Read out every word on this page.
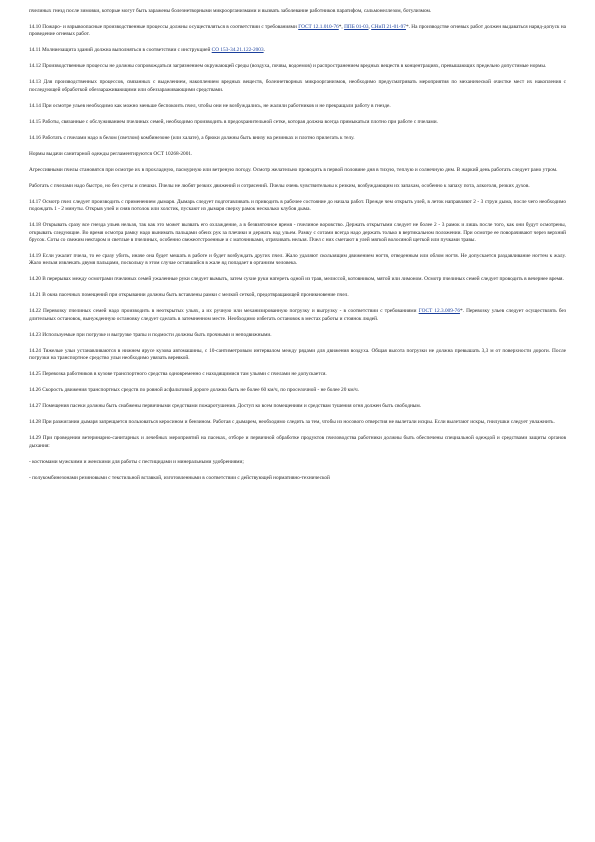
пчелиных гнезд после зимовки, которые могут быть заражены болезнетворными микроорганизмами и вызвать заболевание работников паратифом, сальмонеллезом, ботулизмом.

14.10 Пожаро- и взрывоопасные производственные процессы должны осуществляться в соответствии с требованиями ГОСТ 12.1.010-76*, ППБ 01-03, СНиП 21-01-97*. На производстве огневых работ должен выдаваться наряд-допуск на проведение огневых работ.

14.11 Молниезащита зданий должна выполняться в соответствии с инструкцией СО 153-34.21.122-2003.

14.12 Производственные процессы не должны сопровождаться загрязнением окружающей среды (воздуха, почвы, водоемов) и распространением вредных веществ в концентрациях, превышающих предельно допустимые нормы.

14.13 Для производственных процессов, связанных с выделением, накоплением вредных веществ, болезнетворных микроорганизмов, необходимо предусматривать мероприятия по механической очистке мест их накопления с последующей обработкой обеззараживающими или обеззараживающими средствами.

14.14 При осмотре ульев необходимо как можно меньше беспокоить пчел, чтобы они не возбуждались, не жалили работников и не прекращали работу в гнезде.

14.15 Работы, связанные с обслуживанием пчелиных семей, необходимо производить в предохранительной сетке, которая должна всегда примыкаться плотно при работе с пчелами.

14.16 Работать с пчелами надо в белом (светлом) комбинезоне (или халате), а брюки должны быть внизу на резинках и плотно прилегать к телу.

Нормы выдачи санитарной одежды регламентируются ОСТ 10268-2001.

Агрессивными пчелы становятся при осмотре их в прохладную, пасмурную или ветреную погоду. Осмотр желательно проводить в первой половине дня в тихую, теплую и солнечную днм. В жаркий день работать следует рано утром.

Работать с пчелами надо быстро, но без суеты и спешки. Пчелы не любят резких движений и сотрясений. Пчелы очень чувствительны к резким, возбуждающим их запахам, особенно к запаху пота, алкоголя, резких духов.

14.17 Осмотр пчел следует производить с применением дымаря. Дымарь следует подготавливать и приводить в рабочее состояние до начала работ. Прежде чем открыть улей, в леток направляют 2 - 3 струи дыма, после чего необходимо подождать 1 - 2 минуты. Открыв улей и сняв потолок или холстик, пускают из дымаря сверху рамок несколько клубов дыма.

14.18 Открывать сразу все гнезда ульев нельзя, так как это может вызвать его охлаждение, а в безвзяточное время - пчелиное воровство. Держать открытыми следует не более 2 - 3 рамок и лишь после того, как они будут осмотрены, открывать следующие. Во время осмотра рамку надо вынимать пальцами обеих рук за плечики и держать над ульем. Рамку с сотами всегда надо держать только в вертикальном положении. При осмотре ее поворачивают через верхний брусок. Соты со свежим нектаром и светлые в пчелиных, особенно свежеотстроенные и с маточниками, отряхивать нельзя. Пчел с них сметают в улей мягкой волосяной щеткой или пучками травы.

14.19 Если ужалит пчела, то ее сразу убить, иначе она будет мешать в работе и будет возбуждать других пчел. Жало удаляют скользящим движением ногтя, отведенным или облом ногтя. Не допускается раздавливание ногтем к жалу. Жало нельзя извлекать двумя пальцами, поскольку в этом случае оставшийся в жале яд попадает в организм человека.

14.20 В перерывах между осмотрами пчелиных семей ужаленные руки следует вымыть, затем сухие руки натереть одной из трав, мелиссой, котовником, мятой или лимоном. Осмотр пчелиных семей следует проводить в вечернее время.

14.21 В окна пасечных помещений при открывании должны быть вставлены рамки с мелкой сеткой, предотвращающей проникновение пчел.

14.22 Перевозку пчелиных семей надо производить в неоткрытых ульях, а их ручную или механизированную погрузку и выгрузку - в соответствии с требованиями ГОСТ 12.3.009-76*. Перевозку ульев следует осуществлять без длительных остановок, вынужденную остановку следует сделать в затемненном месте. Необходимо избегать остановок в местах работы и стоянок людей.

14.23 Используемые при погрузке и выгрузке трапы и подмости должны быть прочными и неподвижными.

14.24 Тяжелые ульи устанавливаются в нижнем ярусе кузова автомашины, с 10-сантиметровым интервалом между рядами для движения воздуха. Общая высота погрузки не должна превышать 3,3 м от поверхности дороги. После погрузки на транспортное средство ульи необходимо увязать веревкой.

14.25 Перевозка работников в кузове транспортного средства одновременно с находящимися там ульями с пчелами не допускается.

14.26 Скорость движения транспортных средств по ровной асфальтовой дороге должна быть не более 60 км/ч, по проселочной - не более 20 км/ч.

14.27 Помещения пасеки должны быть снабжены первичными средствами пожаротушения. Доступ ко всем помещениям и средствам тушения огня должен быть свободным.

14.28 При разжигании дымаря запрещается пользоваться керосином и бензином. Работая с дымарем, необходимо следить за тем, чтобы из носового отверстия не вылетали искры. Если вылетают искры, гнилушки следует увлажнить.

14.29 При проведении ветеринарно-санитарных и лечебных мероприятий на пасеках, отборе и первичной обработке продуктов пчеловодства работники должны быть обеспечены специальной одеждой и средствами защиты органов дыхания:

- костюмами мужскими и женскими для работы с пестицидами и минеральными удобрениями;

- полукомбинезонами резиновыми с текстильной вставкой, изготовленными в соответствии с действующей нормативно-технической
